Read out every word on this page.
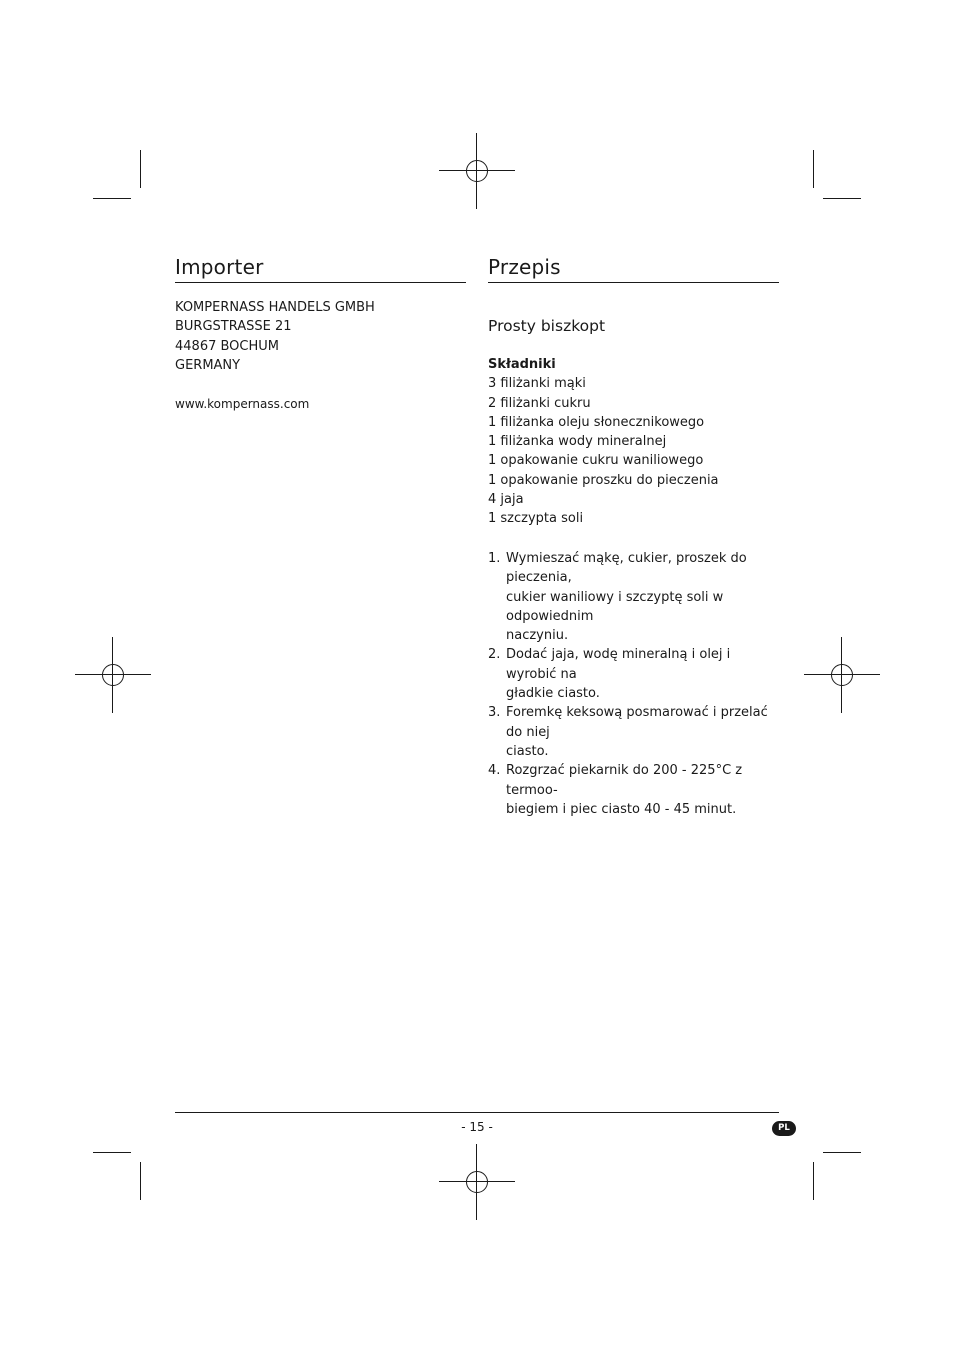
Importer
KOMPERNASS HANDELS GMBH
BURGSTRASSE 21
44867 BOCHUM
GERMANY
www.kompernass.com
Przepis
Prosty biszkopt
Składniki
3 filiżanki mąki
2 filiżanki cukru
1 filiżanka oleju słonecznikowego
1 filiżanka wody mineralnej
1 opakowanie cukru waniliowego
1 opakowanie proszku do pieczenia
4 jaja
1 szczypta soli
1. Wymieszać mąkę, cukier, proszek do pieczenia,
cukier waniliowy i szczyptę soli w odpowiednim
naczyniu.
2. Dodać jaja, wodę mineralną i olej i wyrobić na
gładkie ciasto.
3. Foremkę keksową posmarować i przelać do niej
ciasto.
4. Rozgrzać piekarnik do 200 - 225°C z termoo-
biegiem i piec ciasto 40 - 45 minut.
- 15 -	PL
